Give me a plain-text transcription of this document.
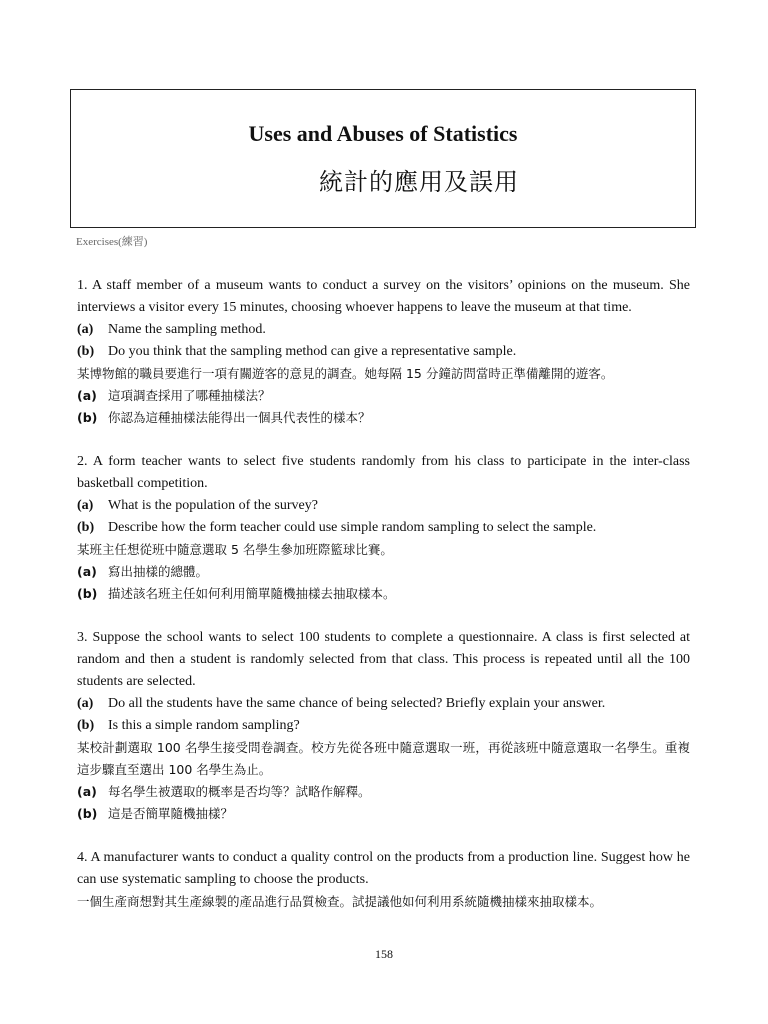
Uses and Abuses of Statistics
統計的應用及誤用
Exercises(練習)

1. A staff member of a museum wants to conduct a survey on the visitors’ opinions on the museum. She interviews a visitor every 15 minutes, choosing whoever happens to leave the museum at that time.

(a)	Name the sampling method.
(b) Do you think that the sampling method can give a representative sample.

某博物館的職員要進行一項有關遊客的意見的調查。她每隔 15 分鐘訪問當時正準備離開的遊客。

(a) 這項調查採用了哪種抽樣法？
(b) 你認為這種抽樣法能得出一個具代表性的樣本？

2. A form teacher wants to select five students randomly from his class to participate in the inter-class basketball competition.

(a)	What is the population of the survey?
(b) Describe how the form teacher could use simple random sampling to select the sample.

某班主任想從班中隨意選取 5 名學生參加班際籃球比賽。

(a) 寫出抽樣的總體。
(b) 描述該名班主任如何利用簡單隨機抽樣去抽取樣本。

3. Suppose the school wants to select 100 students to complete a questionnaire. A class is first selected at random and then a student is randomly selected from that class. This process is repeated until all the 100 students are selected.

(a)	Do all the students have the same chance of being selected? Briefly explain your answer.
(b) Is this a simple random sampling?

某校計劃選取 100 名學生接受問卷調查。校方先從各班中隨意選取一班，再從該班中隨意選取一名學生。重複這步驟直至選出 100 名學生為止。

(a) 每名學生被選取的概率是否均等？試略作解釋。
(b) 這是否簡單隨機抽樣？

4. A manufacturer wants to conduct a quality control on the products from a production line. Suggest how he can use systematic sampling to choose the products.

一個生產商想對其生產線製的產品進行品質檢查。試提議他如何利用系統隨機抽樣來抽取樣本。

158
